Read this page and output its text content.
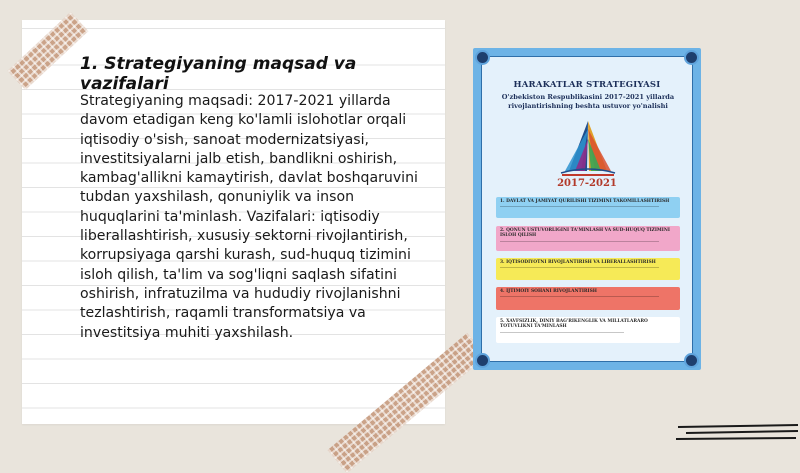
1. Strategiyaning maqsad va vazifalari

Strategiyaning maqsadi: 2017-2021 yillarda davom etadigan keng ko'lamli islohotlar orqali iqtisodiy o'sish, sanoat modernizatsiyasi, investitsiyalarni jalb etish, bandlikni oshirish, kambag'allikni kamaytirish, davlat boshqaruvini tubdan yaxshilash, qonuniylik va inson huquqlarini ta'minlash. Vazifalari: iqtisodiy liberallashtirish, xususiy sektorni rivojlantirish, korrupsiyaga qarshi kurash, sud-huquq tizimini isloh qilish, ta'lim va sog'liqni saqlash sifatini oshirish, infratuzilma va hududiy rivojlanishni tezlashtirish, raqamli transformatsiya va investitsiya muhiti yaxshilash.

HARAKATLAR STRATEGIYASI
O'zbekiston Respublikasini 2017-2021 yillarda rivojlantirishning beshta ustuvor yo'nalishi
2017-2021
1. DAVLAT VA JAMIYAT QURILISHI TIZIMINI TAKOMILLASHTIRISH
2. QONUN USTUVORLIGINI TA'MINLASH VA SUD-HUQUQ TIZIMINI ISLOH QILISH
3. IQTISODIYOTNI RIVOJLANTIRISH VA LIBERALLASHTIRISH
4. IJTIMOIY SOHANI RIVOJLANTIRISH
5. XAVFSIZLIK, DINIY BAG'RIKENGLIK VA MILLATLARARO TOTUVLIKNI TA'MINLASH
